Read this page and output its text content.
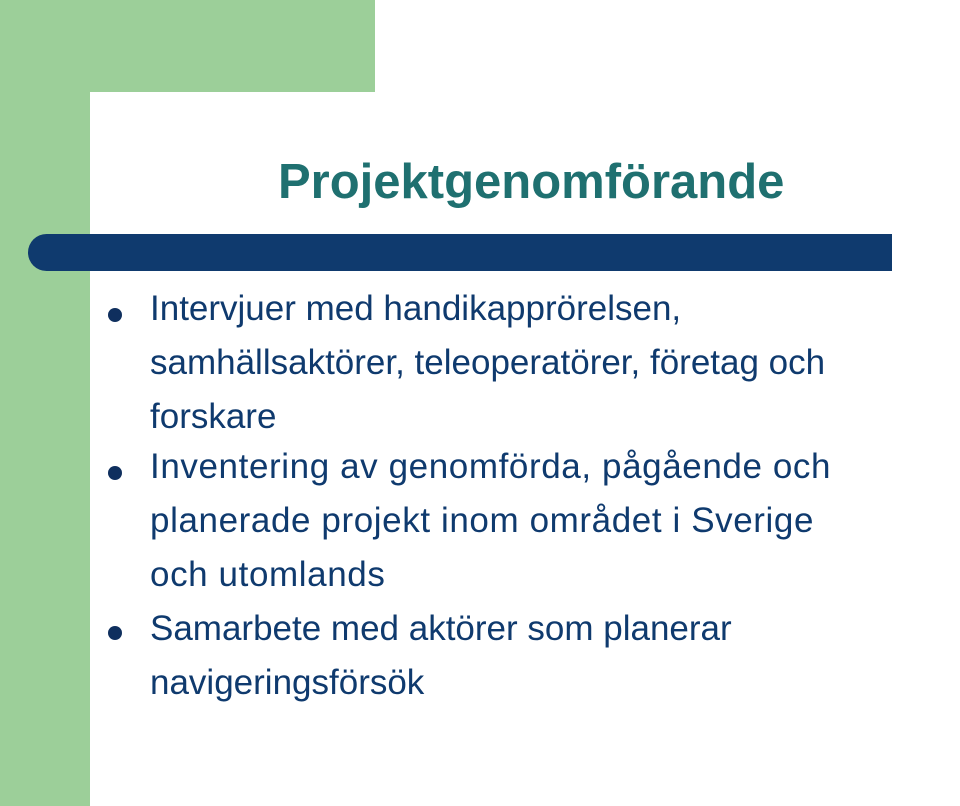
Projektgenomförande

Intervjuer med handikapprörelsen,
samhällsaktörer, teleoperatörer, företag och
forskare

Inventering av genomförda, pågående och
planerade projekt inom området i Sverige
och utomlands

Samarbete med aktörer som planerar
navigeringsförsök
